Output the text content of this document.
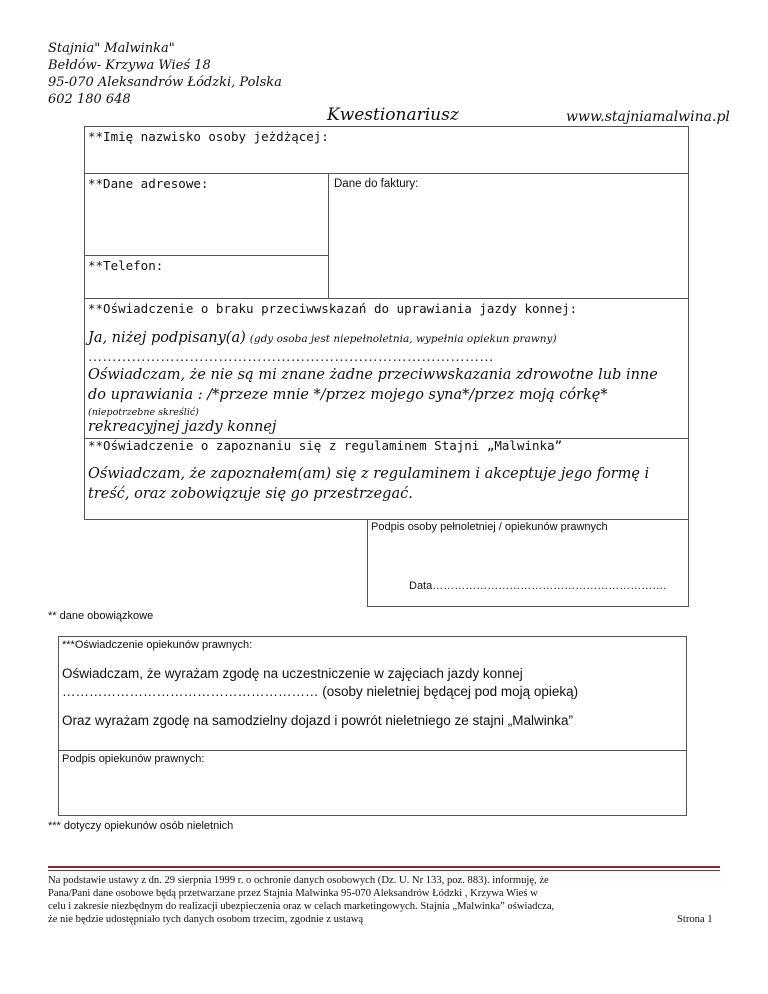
Stajnia" Malwinka"
Bełdów- Krzywa Wieś 18
95-070 Aleksandrów Łódzki, Polska
602 180 648
Kwestionariusz	www.stajniamalwina.pl
**Imię nazwisko osoby jeżdżącej:
**Dane adresowe:	Dane do faktury:
**Telefon:
**Oświadczenie o braku przeciwwskazań do uprawiania jazdy konnej:
Ja, niżej podpisany(a) (gdy osoba jest niepełnoletnia, wypełnia opiekun prawny)
…………………………………………………………………………
Oświadczam, że nie są mi znane żadne przeciwwskazania zdrowotne lub inne
do uprawiania : /*przeze mnie */przez mojego syna*/przez moją córkę*
(niepotrzebne skreślić)
rekreacyjnej jazdy konnej
**Oświadczenie o zapoznaniu się z regulaminem Stajni „Malwinka”
Oświadczam, że zapoznałem(am) się z regulaminem i akceptuje jego formę i
treść, oraz zobowiązuje się go przestrzegać.
Podpis osoby pełnoletniej / opiekunów prawnych
Data……………………………………………………….
** dane obowiązkowe
***Oświadczenie opiekunów prawnych:
Oświadczam, że wyrażam zgodę na uczestniczenie w zajęciach jazdy konnej
………………………………………………… (osoby nieletniej będącej pod moją opieką)
Oraz wyrażam zgodę na samodzielny dojazd i powrót nieletniego ze stajni „Malwinka”
Podpis opiekunów prawnych:
*** dotyczy opiekunów osób nieletnich
Na podstawie ustawy z dn. 29 sierpnia 1999 r. o ochronie danych osobowych (Dz. U. Nr 133, poz. 883). informuję, że
Pana/Pani dane osobowe będą przetwarzane przez Stajnia Malwinka 95-070 Aleksandrów Łódzki , Krzywa Wieś w
celu i zakresie niezbędnym do realizacji ubezpieczenia oraz w celach marketingowych. Stajnia „Malwinka” oświadcza,
że nie będzie udostępniało tych danych osobom trzecim, zgodnie z ustawą	Strona 1
